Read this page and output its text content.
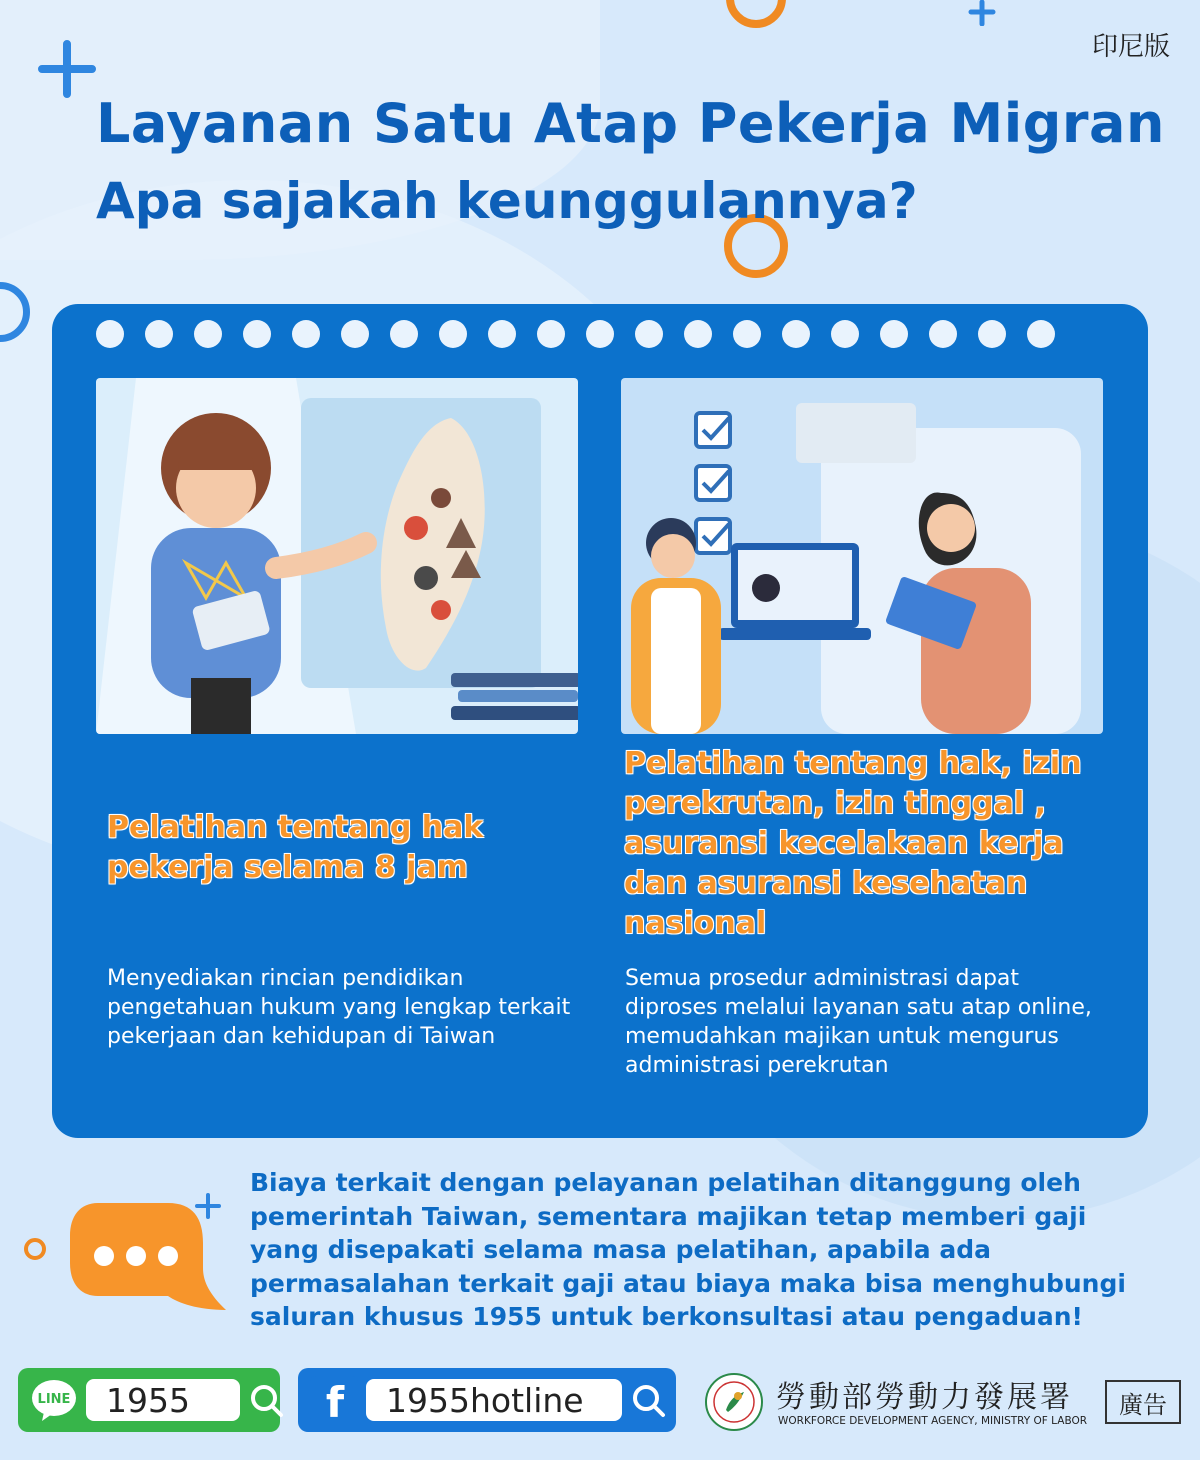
印尼版
Layanan Satu Atap Pekerja Migran
Apa sajakah keunggulannya?
Pelatihan tentang hak
pekerja selama 8 jam
Pelatihan tentang hak, izin
perekrutan, izin tinggal ,
asuransi kecelakaan kerja
dan asuransi kesehatan
nasional
Menyediakan rincian pendidikan
pengetahuan hukum yang lengkap terkait
pekerjaan dan kehidupan di Taiwan
Semua prosedur administrasi dapat
diproses melalui layanan satu atap online,
memudahkan majikan untuk mengurus
administrasi perekrutan
Biaya terkait dengan pelayanan pelatihan ditanggung oleh
pemerintah Taiwan, sementara majikan tetap memberi gaji
yang disepakati selama masa pelatihan, apabila ada
permasalahan terkait gaji atau biaya maka bisa menghubungi
saluran khusus 1955 untuk berkonsultasi atau pengaduan!
LINE	1955	f	1955hotline	勞動部勞動力發展署
WORKFORCE DEVELOPMENT AGENCY, MINISTRY OF LABOR
廣告
